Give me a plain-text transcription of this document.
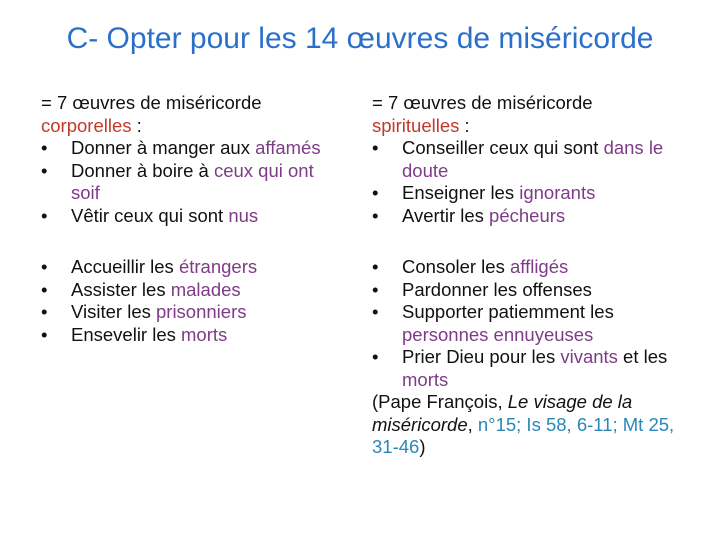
C- Opter pour les 14 œuvres de miséricorde
= 7 œuvres de miséricorde
corporelles :
•	Donner à manger aux affamés
•	Donner à boire à ceux qui ont soif
•	Vêtir ceux qui sont nus
•	Accueillir les étrangers
•	Assister les malades
•	Visiter les prisonniers
•	Ensevelir les morts
= 7 œuvres de miséricorde
spirituelles :
•	Conseiller ceux qui sont dans le doute
•	Enseigner les ignorants
•	Avertir les pécheurs
•	Consoler les affligés
•	Pardonner les offenses
•	Supporter patiemment les personnes ennuyeuses
•	Prier Dieu pour les vivants et les morts
(Pape François, Le visage de la miséricorde, n°15; Is 58, 6-11; Mt 25, 31-46)
